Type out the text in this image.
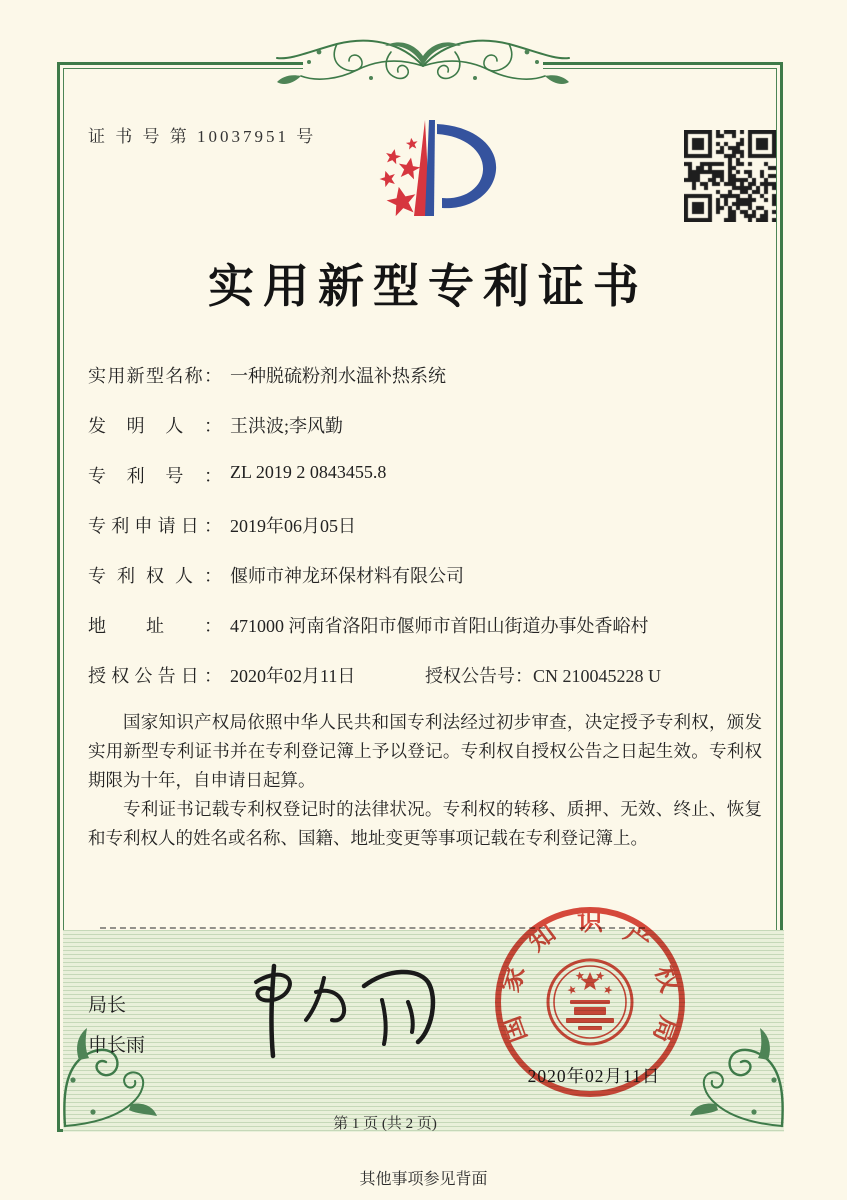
证 书 号 第 10037951 号
实用新型专利证书
实用新型名称： 一种脱硫粉剂水温补热系统
发明人： 王洪波;李风勤
专利号： ZL 2019 2 0843455.8
专利申请日： 2019年06月05日
专利权人： 偃师市神龙环保材料有限公司
地址： 471000 河南省洛阳市偃师市首阳山街道办事处香峪村
授权公告日： 2020年02月11日	授权公告号：CN 210045228 U

国家知识产权局依照中华人民共和国专利法经过初步审查，决定授予专利权，颁发实用新型专利证书并在专利登记簿上予以登记。专利权自授权公告之日起生效。专利权期限为十年，自申请日起算。

专利证书记载专利权登记时的法律状况。专利权的转移、质押、无效、终止、恢复和专利权人的姓名或名称、国籍、地址变更等事项记载在专利登记簿上。

局长
申长雨	国
家
知 识 产
权
局
2020年02月11日
第 1 页 (共 2 页)
其他事项参见背面
